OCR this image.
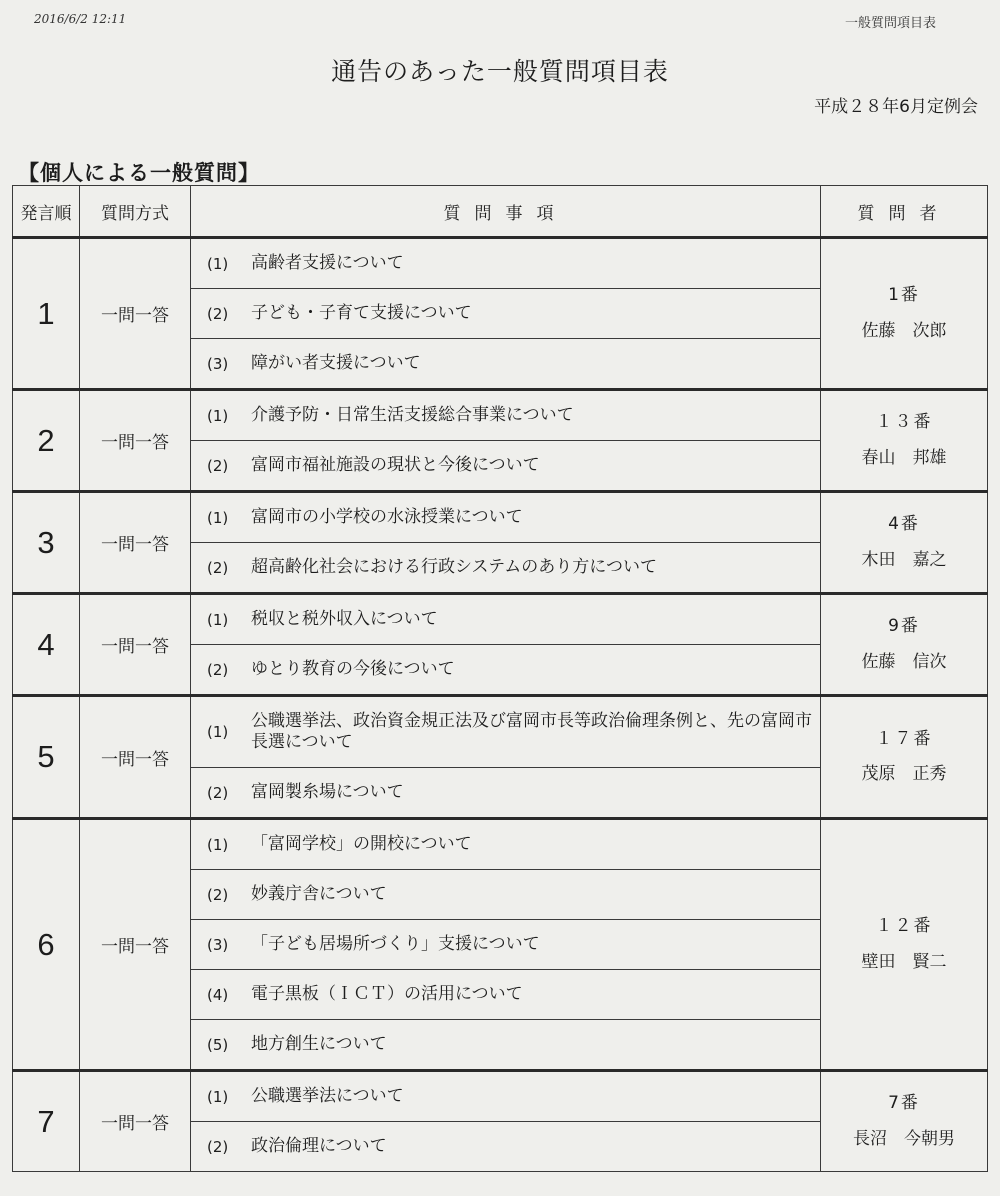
2016/6/2 12:11	一般質問項目表
通告のあった一般質問項目表
平成２８年6月定例会
【個人による一般質問】
発言順	質問方式	質問事項	質問者
1	一問一答	(1) 高齢者支援について	1番
佐藤　次郎

		(2) 子ども・子育て支援について	

		(3) 障がい者支援について	

2	一問一答	(1) 介護予防・日常生活支援総合事業について	１３番
春山　邦雄

		(2) 富岡市福祉施設の現状と今後について	

3	一問一答	(1) 富岡市の小学校の水泳授業について	4番
木田　嘉之

		(2) 超高齢化社会における行政システムのあり方について	

4	一問一答	(1) 税収と税外収入について	9番
佐藤　信次

		(2) ゆとり教育の今後について	

5	一問一答	(1)
公職選挙法、政治資金規正法及び富岡市長等政治倫理条例と、先の富岡市長選について	１７番
茂原　正秀

		(2) 富岡製糸場について	

6	一問一答	(1) 「富岡学校」の開校について	１２番
壁田　賢二

		(2) 妙義庁舎について	

		(3) 「子ども居場所づくり」支援について	

		(4) 電子黒板（ＩＣＴ）の活用について	

		(5) 地方創生について	

7	一問一答	(1) 公職選挙法について	7番
長沼　今朝男

		(2) 政治倫理について	
